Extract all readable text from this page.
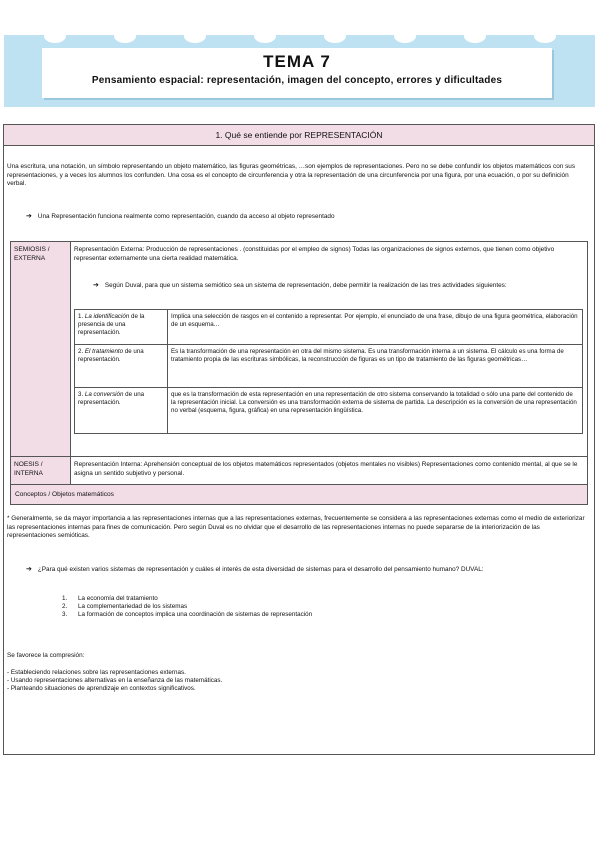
TEMA 7
Pensamiento espacial: representación, imagen del concepto, errores y dificultades
1. Qué se entiende por REPRESENTACIÓN
Una escritura, una notación, un símbolo representando un objeto matemático, las figuras geométricas, …son ejemplos de representaciones. Pero no se debe confundir los objetos matemáticos con sus representaciones, y a veces los alumnos los confunden. Una cosa es el concepto de circunferencia y otra la representación de una circunferencia por una figura, por una ecuación, o por su definición verbal.
➔ Una Representación funciona realmente como representación, cuando da acceso al objeto representado
SEMIOSIS / EXTERNA
Representación Externa: Producción de representaciones . (constituidas por el empleo de signos) Todas las organizaciones de signos externos, que tienen como objetivo representar externamente una cierta realidad matemática.
➔ Según Duval, para que un sistema semiótico sea un sistema de representación, debe permitir la realización de las tres actividades siguientes:
1. La identificación de la presencia de una representación.
Implica una selección de rasgos en el contenido a representar. Por ejemplo, el enunciado de una frase, dibujo de una figura geométrica, elaboración de un esquema…
2. El tratamiento de una representación.
Es la transformación de una representación en otra del mismo sistema. Es una transformación interna a un sistema. El cálculo es una forma de tratamiento propia de las escrituras simbólicas, la reconstrucción de figuras es un tipo de tratamiento de las figuras geométricas…
3. La conversión de una representación.
que es la transformación de esta representación en una representación de otro sistema conservando la totalidad o sólo una parte del contenido de la representación inicial. La conversión es una transformación externa de sistema de partida. La descripción es la conversión de una representación no verbal (esquema, figura, gráfica) en una representación lingüística.
NOESIS / INTERNA
Representación Interna: Aprehensión conceptual de los objetos matemáticos representados (objetos mentales no visibles) Representaciones como contenido mental, al que se le asigna un sentido subjetivo y personal.
Conceptos / Objetos matemáticos
* Generalmente, se da mayor importancia a las representaciones internas que a las representaciones externas, frecuentemente se considera a las representaciones externas como el medio de exteriorizar las representaciones internas para fines de comunicación. Pero según Duval es no olvidar que el desarrollo de las representaciones internas no puede separarse de la interiorización de las representaciones semióticas.
➔ ¿Para qué existen varios sistemas de representación y cuáles el interés de esta diversidad de sistemas para el desarrollo del pensamiento humano? DUVAL:
1. La economía del tratamiento
2. La complementariedad de los sistemas
3. La formación de conceptos implica una coordinación de sistemas de representación
Se favorece la compresión:
- Estableciendo relaciones sobre las representaciones externas.
- Usando representaciones alternativas en la enseñanza de las matemáticas.
- Planteando situaciones de aprendizaje en contextos significativos.
